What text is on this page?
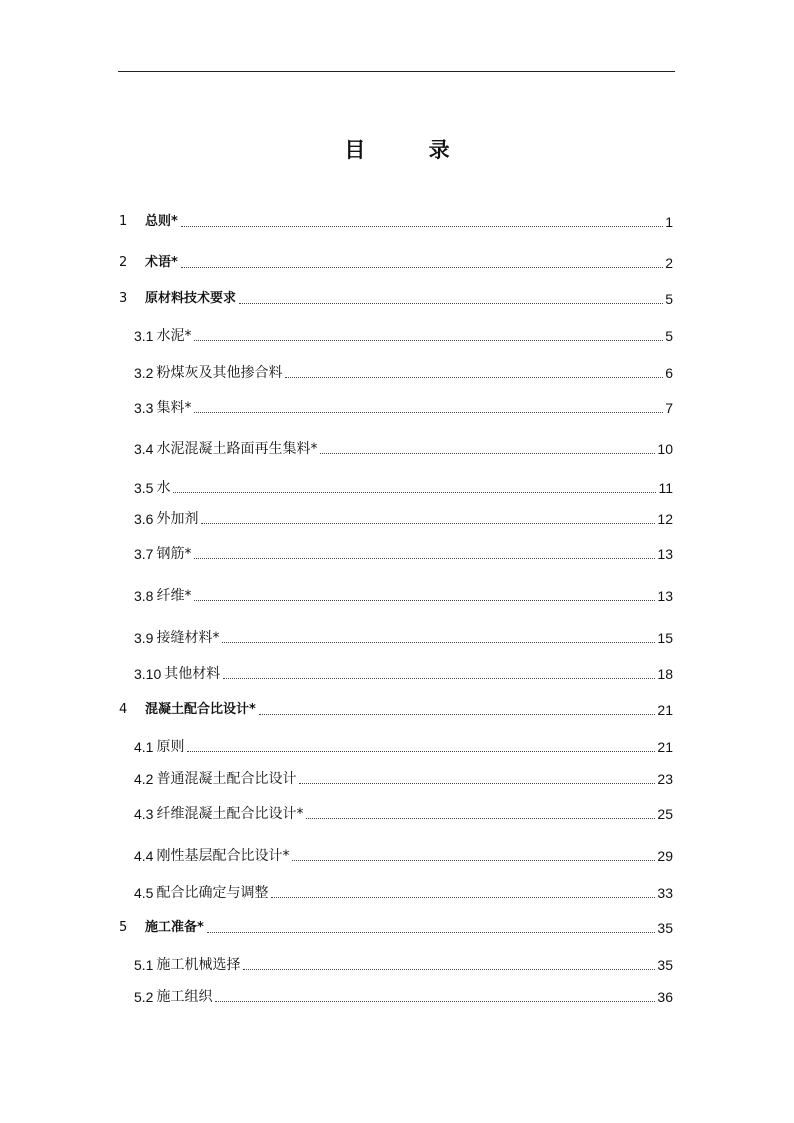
目 录
1	总则*	1
2	术语*	2
3	原材料技术要求	5
3.1 水泥*	5
3.2 粉煤灰及其他掺合料	6
3.3 集料*	7
3.4 水泥混凝土路面再生集料*	10
3.5 水	11
3.6 外加剂	12
3.7 钢筋*	13
3.8 纤维*	13
3.9 接缝材料*	15
3.10 其他材料	18
4	混凝土配合比设计*	21
4.1 原则	21
4.2 普通混凝土配合比设计	23
4.3 纤维混凝土配合比设计*	25
4.4 刚性基层配合比设计*	29
4.5 配合比确定与调整	33
5	施工准备*	35
5.1 施工机械选择	35
5.2 施工组织	36
